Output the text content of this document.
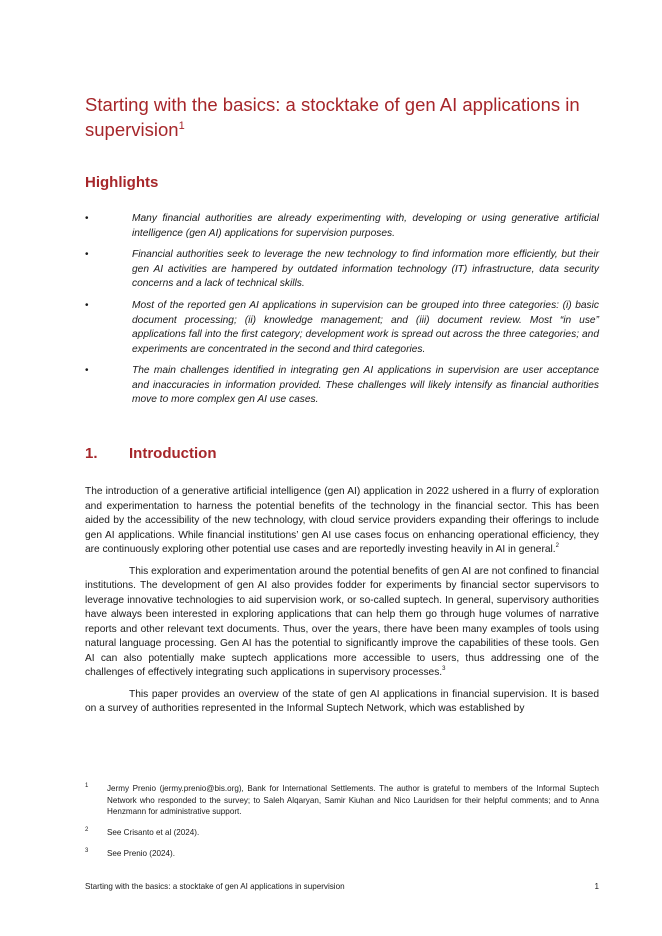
Starting with the basics: a stocktake of gen AI applications in supervision$^1$
Highlights
•	Many financial authorities are already experimenting with, developing or using generative artificial intelligence (gen AI) applications for supervision purposes.
•	Financial authorities seek to leverage the new technology to find information more efficiently, but their gen AI activities are hampered by outdated information technology (IT) infrastructure, data security concerns and a lack of technical skills.
•	Most of the reported gen AI applications in supervision can be grouped into three categories: (i) basic document processing; (ii) knowledge management; and (iii) document review. Most “in use” applications fall into the first category; development work is spread out across the three categories; and experiments are concentrated in the second and third categories.
•	The main challenges identified in integrating gen AI applications in supervision are user acceptance and inaccuracies in information provided. These challenges will likely intensify as financial authorities move to more complex gen AI use cases.
1. Introduction

The introduction of a generative artificial intelligence (gen AI) application in 2022 ushered in a flurry of exploration and experimentation to harness the potential benefits of the technology in the financial sector. This has been aided by the accessibility of the new technology, with cloud service providers expanding their offerings to include gen AI applications. While financial institutions’ gen AI use cases focus on enhancing operational efficiency, they are continuously exploring other potential use cases and are reportedly investing heavily in AI in general.$^2$

This exploration and experimentation around the potential benefits of gen AI are not confined to financial institutions. The development of gen AI also provides fodder for experiments by financial sector supervisors to leverage innovative technologies to aid supervision work, or so-called suptech. In general, supervisory authorities have always been interested in exploring applications that can help them go through huge volumes of narrative reports and other relevant text documents. Thus, over the years, there have been many examples of tools using natural language processing. Gen AI has the potential to significantly improve the capabilities of these tools. Gen AI can also potentially make suptech applications more accessible to users, thus addressing one of the challenges of effectively integrating such applications in supervisory processes.$^3$

This paper provides an overview of the state of gen AI applications in financial supervision. It is based on a survey of authorities represented in the Informal Suptech Network, which was established by

1 Jermy Prenio (jermy.prenio@bis.org), Bank for International Settlements. The author is grateful to members of the Informal Suptech Network who responded to the survey; to Saleh Alqaryan, Samir Kiuhan and Nico Lauridsen for their helpful comments; and to Anna Henzmann for administrative support.
2 See Crisanto et al (2024).
3 See Prenio (2024).
Starting with the basics: a stocktake of gen AI applications in supervision	1
